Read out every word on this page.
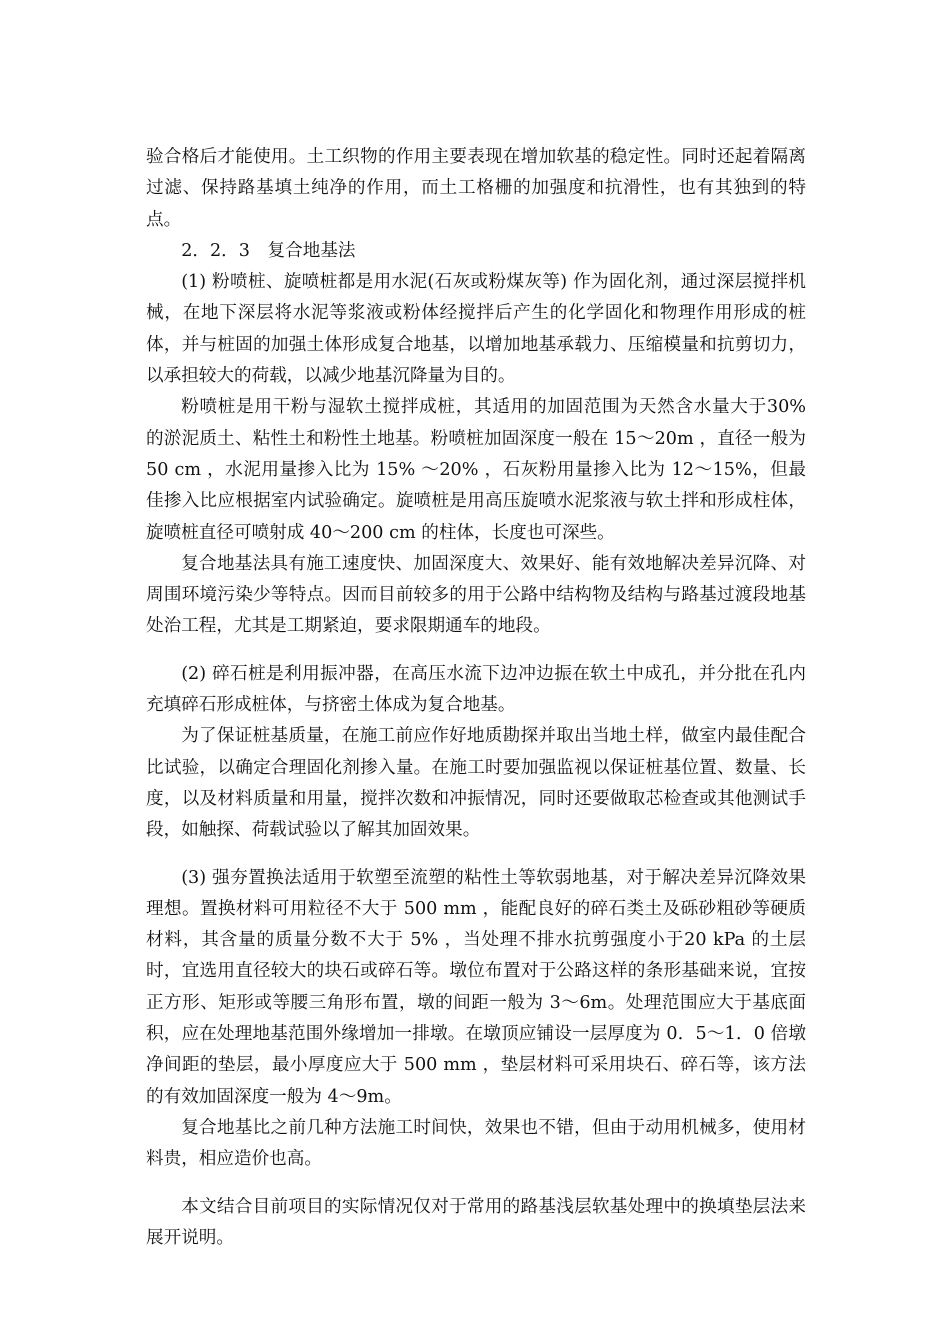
验合格后才能使用。土工织物的作用主要表现在增加软基的稳定性。同时还起着隔离过滤、保持路基填土纯净的作用，而土工格栅的加强度和抗滑性，也有其独到的特点。

2．2．3　复合地基法

(1) 粉喷桩、旋喷桩都是用水泥(石灰或粉煤灰等) 作为固化剂，通过深层搅拌机械，在地下深层将水泥等浆液或粉体经搅拌后产生的化学固化和物理作用形成的桩体，并与桩固的加强土体形成复合地基，以增加地基承载力、压缩模量和抗剪切力，以承担较大的荷载，以减少地基沉降量为目的。

粉喷桩是用干粉与湿软土搅拌成桩，其适用的加固范围为天然含水量大于30% 的淤泥质土、粘性土和粉性土地基。粉喷桩加固深度一般在 15～20m ，直径一般为 50 cm ，水泥用量掺入比为 15% ～20% ，石灰粉用量掺入比为 12～15%，但最佳掺入比应根据室内试验确定。旋喷桩是用高压旋喷水泥浆液与软土拌和形成柱体，旋喷桩直径可喷射成 40～200 cm 的柱体，长度也可深些。

复合地基法具有施工速度快、加固深度大、效果好、能有效地解决差异沉降、对周围环境污染少等特点。因而目前较多的用于公路中结构物及结构与路基过渡段地基处治工程，尤其是工期紧迫，要求限期通车的地段。

(2) 碎石桩是利用振冲器，在高压水流下边冲边振在软土中成孔，并分批在孔内充填碎石形成桩体，与挤密土体成为复合地基。

为了保证桩基质量，在施工前应作好地质勘探并取出当地土样，做室内最佳配合比试验，以确定合理固化剂掺入量。在施工时要加强监视以保证桩基位置、数量、长度，以及材料质量和用量，搅拌次数和冲振情况，同时还要做取芯检查或其他测试手段，如触探、荷载试验以了解其加固效果。

(3) 强夯置换法适用于软塑至流塑的粘性土等软弱地基，对于解决差异沉降效果理想。置换材料可用粒径不大于 500 mm ，能配良好的碎石类土及砾砂粗砂等硬质材料，其含量的质量分数不大于 5% ，当处理不排水抗剪强度小于20 kPa 的土层时，宜选用直径较大的块石或碎石等。墩位布置对于公路这样的条形基础来说，宜按正方形、矩形或等腰三角形布置，墩的间距一般为 3～6m。处理范围应大于基底面积，应在处理地基范围外缘增加一排墩。在墩顶应铺设一层厚度为 0．5～1．0 倍墩净间距的垫层，最小厚度应大于 500 mm ，垫层材料可采用块石、碎石等，该方法的有效加固深度一般为 4～9m。

复合地基比之前几种方法施工时间快，效果也不错，但由于动用机械多，使用材料贵，相应造价也高。

本文结合目前项目的实际情况仅对于常用的路基浅层软基处理中的换填垫层法来展开说明。
